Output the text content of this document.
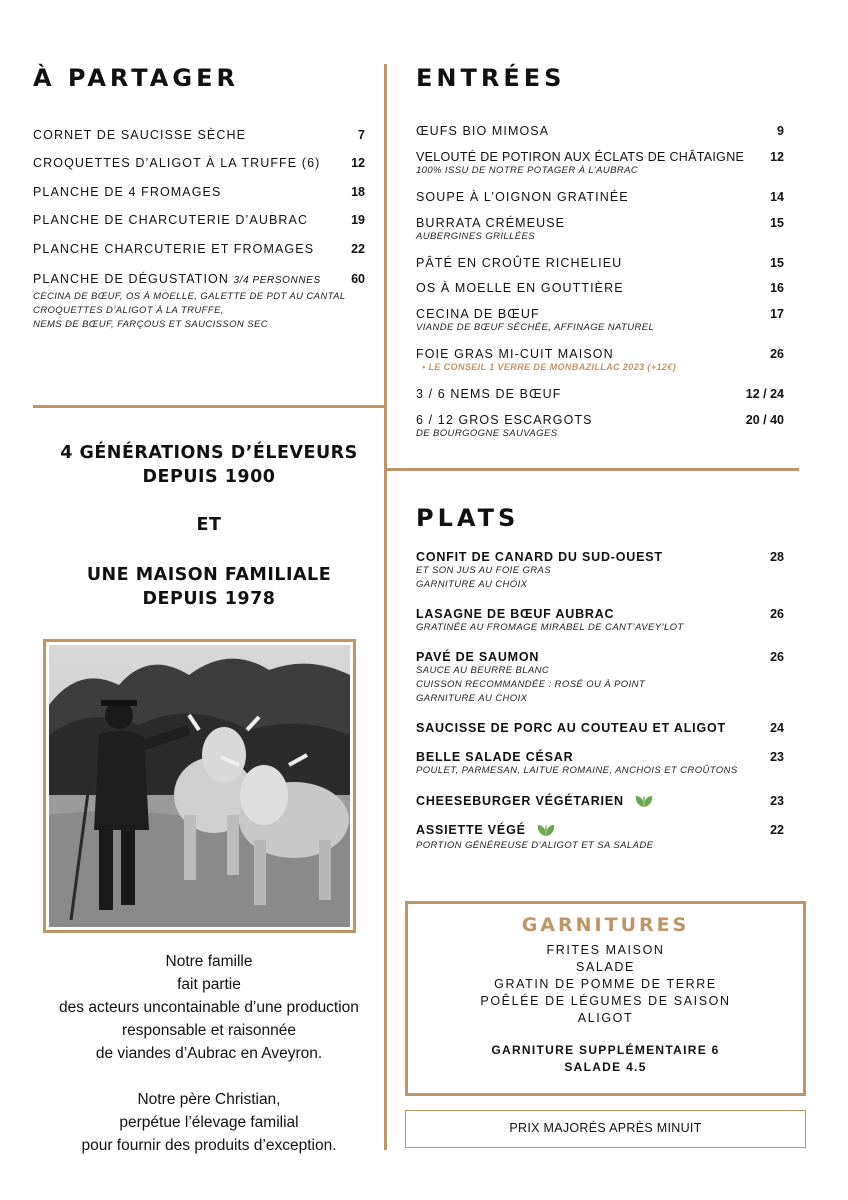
À PARTAGER
CORNET DE SAUCISSE SÈCHE	7
CROQUETTES D’ALIGOT À LA TRUFFE (6) 12
PLANCHE DE 4 FROMAGES	18
PLANCHE DE CHARCUTERIE D’AUBRAC	19
PLANCHE CHARCUTERIE ET FROMAGES	22
PLANCHE DE DÉGUSTATION 3/4 PERSONNES 60
CECINA DE BŒUF, OS À MOELLE, GALETTE DE PDT AU CANTAL
CROQUETTES D’ALIGOT À LA TRUFFE,
NEMS DE BŒUF, FARÇOUS ET SAUCISSON SEC
4 GÉNÉRATIONS D’ÉLEVEURS
DEPUIS 1900
ET
UNE MAISON FAMILIALE
DEPUIS 1978
Notre famille
fait partie
des acteurs uncontainable d’une production
responsable et raisonnée
de viandes d’Aubrac en Aveyron.
Notre père Christian,
perpétue l’élevage familial
pour fournir des produits d’exception.
ENTRÉES
ŒUFS BIO MIMOSA	9
VELOUTÉ DE POTIRON AUX ÉCLATS DE CHÂTAIGNE 12
100% ISSU DE NOTRE POTAGER À L’AUBRAC
SOUPE À L’OIGNON GRATINÉE	14
BURRATA CRÉMEUSE	15
AUBERGINES GRILLÉES
PÂTÉ EN CROÛTE RICHELIEU	15
OS À MOELLE EN GOUTTIÈRE	16
CECINA DE BŒUF	17
VIANDE DE BŒUF SÉCHÉE, AFFINAGE NATUREL
FOIE GRAS MI-CUIT MAISON	26
• LE CONSEIL 1 VERRE DE MONBAZILLAC 2023 (+12€)
3 / 6 NEMS DE BŒUF	12 / 24
6 / 12 GROS ESCARGOTS	20 / 40
DE BOURGOGNE SAUVAGES
PLATS
CONFIT DE CANARD DU SUD-OUEST	28
ET SON JUS AU FOIE GRAS
GARNITURE AU CHOIX
LASAGNE DE BŒUF AUBRAC	26
GRATINÉE AU FROMAGE MIRABEL DE CANT’AVEY’LOT
PAVÉ DE SAUMON	26
SAUCE AU BEURRE BLANC
CUISSON RECOMMANDÉE : ROSÉ OU À POINT
GARNITURE AU CHOIX
SAUCISSE DE PORC AU COUTEAU ET ALIGOT	24
BELLE SALADE CÉSAR	23
POULET, PARMESAN, LAITUE ROMAINE, ANCHOIS ET CROÛTONS
CHEESEBURGER VÉGÉTARIEN	23
ASSIETTE VÉGÉ	22
PORTION GÉNÉREUSE D’ALIGOT ET SA SALADE
GARNITURES
FRITES MAISON
SALADE
GRATIN DE POMME DE TERRE
POÊLÉE DE LÉGUMES DE SAISON
ALIGOT
GARNITURE SUPPLÉMENTAIRE 6
SALADE 4.5
PRIX MAJORÉS APRÈS MINUIT
